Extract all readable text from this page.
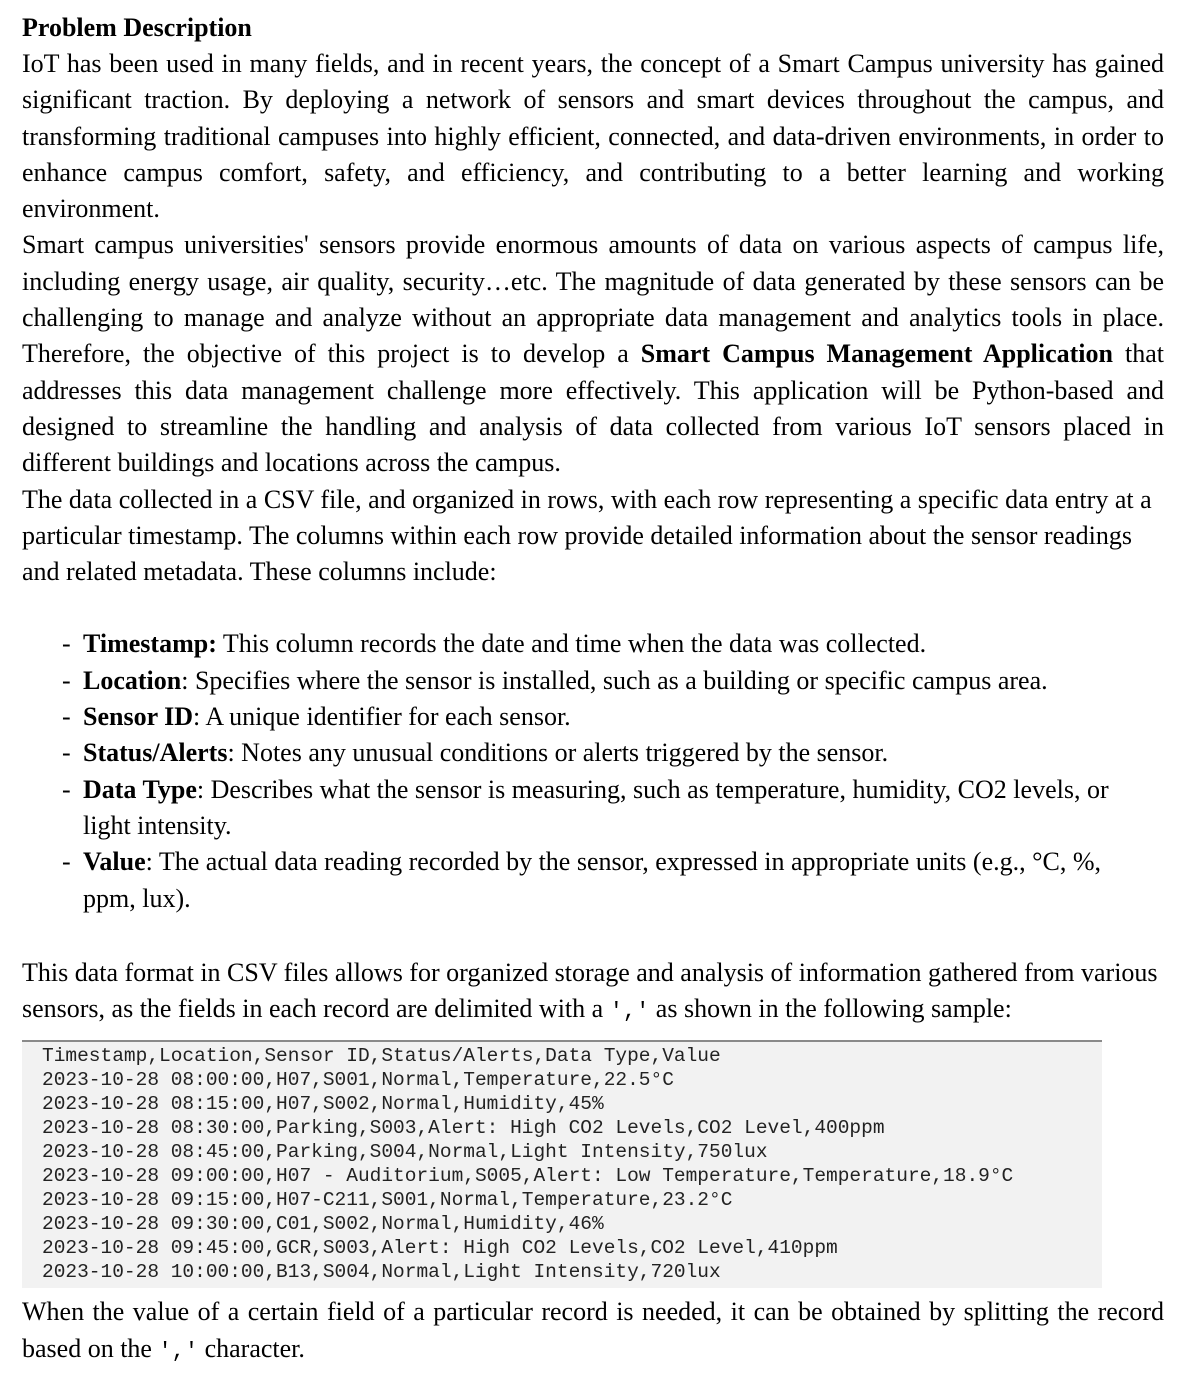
Problem Description

IoT has been used in many fields, and in recent years, the concept of a Smart Campus university has gained significant traction. By deploying a network of sensors and smart devices throughout the campus, and transforming traditional campuses into highly efficient, connected, and data-driven environments, in order to enhance campus comfort, safety, and efficiency, and contributing to a better learning and working environment.

Smart campus universities' sensors provide enormous amounts of data on various aspects of campus life, including energy usage, air quality, security…etc. The magnitude of data generated by these sensors can be challenging to manage and analyze without an appropriate data management and analytics tools in place. Therefore, the objective of this project is to develop a Smart Campus Management Application that addresses this data management challenge more effectively. This application will be Python-based and designed to streamline the handling and analysis of data collected from various IoT sensors placed in different buildings and locations across the campus.

The data collected in a CSV file, and organized in rows, with each row representing a specific data entry at a particular timestamp. The columns within each row provide detailed information about the sensor readings and related metadata. These columns include:

- Timestamp: This column records the date and time when the data was collected.
- Location: Specifies where the sensor is installed, such as a building or specific campus area.
- Sensor ID: A unique identifier for each sensor.
- Status/Alerts: Notes any unusual conditions or alerts triggered by the sensor.
- Data Type: Describes what the sensor is measuring, such as temperature, humidity, CO2 levels, or light intensity.
- Value: The actual data reading recorded by the sensor, expressed in appropriate units (e.g., °C, %, ppm, lux).

This data format in CSV files allows for organized storage and analysis of information gathered from various sensors, as the fields in each record are delimited with a ',' as shown in the following sample:

Timestamp,Location,Sensor ID,Status/Alerts,Data Type,Value
2023-10-28 08:00:00,H07,S001,Normal,Temperature,22.5°C
2023-10-28 08:15:00,H07,S002,Normal,Humidity,45%
2023-10-28 08:30:00,Parking,S003,Alert: High CO2 Levels,CO2 Level,400ppm
2023-10-28 08:45:00,Parking,S004,Normal,Light Intensity,750lux
2023-10-28 09:00:00,H07 - Auditorium,S005,Alert: Low Temperature,Temperature,18.9°C
2023-10-28 09:15:00,H07-C211,S001,Normal,Temperature,23.2°C
2023-10-28 09:30:00,C01,S002,Normal,Humidity,46%
2023-10-28 09:45:00,GCR,S003,Alert: High CO2 Levels,CO2 Level,410ppm
2023-10-28 10:00:00,B13,S004,Normal,Light Intensity,720lux

When the value of a certain field of a particular record is needed, it can be obtained by splitting the record based on the ',' character.
